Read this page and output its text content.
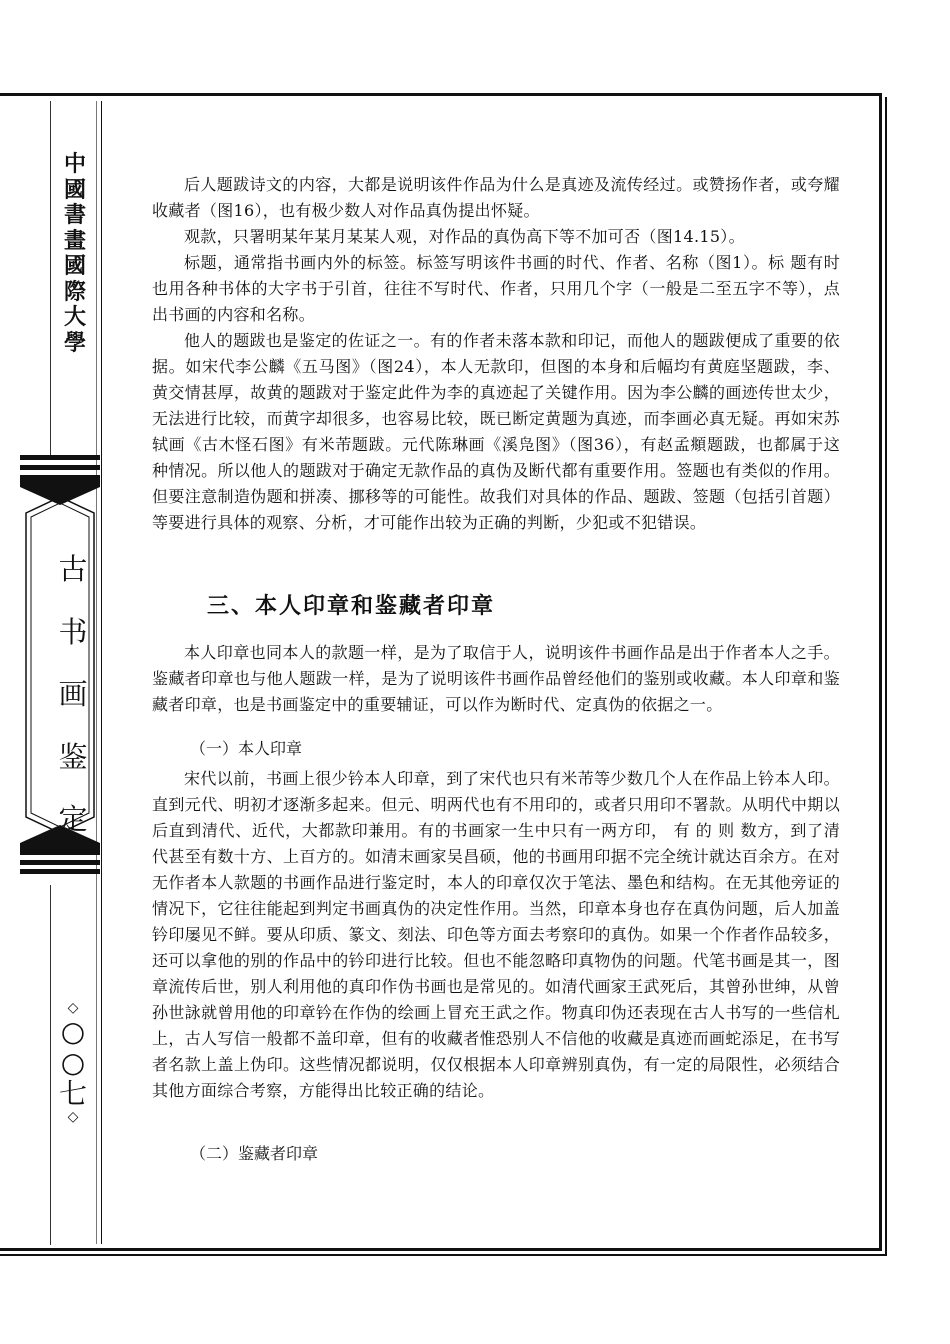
中
國
書
畫
國
際
大
學
古
书
画
鉴
定
◇
○
○
七
◇

后人题跋诗文的内容，大都是说明该件作品为什么是真迹及流传经过。或赞扬作者，或夸耀收藏者（图16），也有极少数人对作品真伪提出怀疑。

观款，只署明某年某月某某人观，对作品的真伪高下等不加可否（图14.15）。

标题，通常指书画内外的标签。标签写明该件书画的时代、作者、名称（图1）。标 题有时也用各种书体的大字书于引首，往往不写时代、作者，只用几个字（一般是二至五字不等），点出书画的内容和名称。

他人的题跋也是鉴定的佐证之一。有的作者未落本款和印记，而他人的题跋便成了重要的依据。如宋代李公麟《五马图》（图24），本人无款印，但图的本身和后幅均有黄庭坚题跋，李、黄交情甚厚，故黄的题跋对于鉴定此件为李的真迹起了关键作用。因为李公麟的画迹传世太少，无法进行比较，而黄字却很多，也容易比较，既已断定黄题为真迹，而李画必真无疑。再如宋苏轼画《古木怪石图》有米芾题跋。元代陈琳画《溪凫图》（图36），有赵孟頫题跋，也都属于这种情况。所以他人的题跋对于确定无款作品的真伪及断代都有重要作用。签题也有类似的作用。但要注意制造伪题和拼凑、挪移等的可能性。故我们对具体的作品、题跋、签题（包括引首题）等要进行具体的观察、分析，才可能作出较为正确的判断，少犯或不犯错误。

三、本人印章和鉴藏者印章

本人印章也同本人的款题一样，是为了取信于人，说明该件书画作品是出于作者本人之手。鉴藏者印章也与他人题跋一样，是为了说明该件书画作品曾经他们的鉴别或收藏。本人印章和鉴藏者印章，也是书画鉴定中的重要辅证，可以作为断时代、定真伪的依据之一。

（一）本人印章

宋代以前，书画上很少钤本人印章，到了宋代也只有米芾等少数几个人在作品上钤本人印。直到元代、明初才逐渐多起来。但元、明两代也有不用印的，或者只用印不署款。从明代中期以后直到清代、近代，大都款印兼用。有的书画家一生中只有一两方印， 有 的 则 数方，到了清代甚至有数十方、上百方的。如清末画家吴昌硕，他的书画用印据不完全统计就达百余方。在对无作者本人款题的书画作品进行鉴定时，本人的印章仅次于笔法、墨色和结构。在无其他旁证的情况下，它往往能起到判定书画真伪的决定性作用。当然，印章本身也存在真伪问题，后人加盖钤印屡见不鲜。要从印质、篆文、刻法、印色等方面去考察印的真伪。如果一个作者作品较多，还可以拿他的别的作品中的钤印进行比较。但也不能忽略印真物伪的问题。代笔书画是其一，图章流传后世，别人利用他的真印作伪书画也是常见的。如清代画家王武死后，其曾孙世绅，从曾孙世詠就曾用他的印章钤在作伪的绘画上冒充王武之作。物真印伪还表现在古人书写的一些信札上，古人写信一般都不盖印章，但有的收藏者惟恐别人不信他的收藏是真迹而画蛇添足，在书写者名款上盖上伪印。这些情况都说明，仅仅根据本人印章辨别真伪，有一定的局限性，必须结合其他方面综合考察，方能得出比较正确的结论。

（二）鉴藏者印章
